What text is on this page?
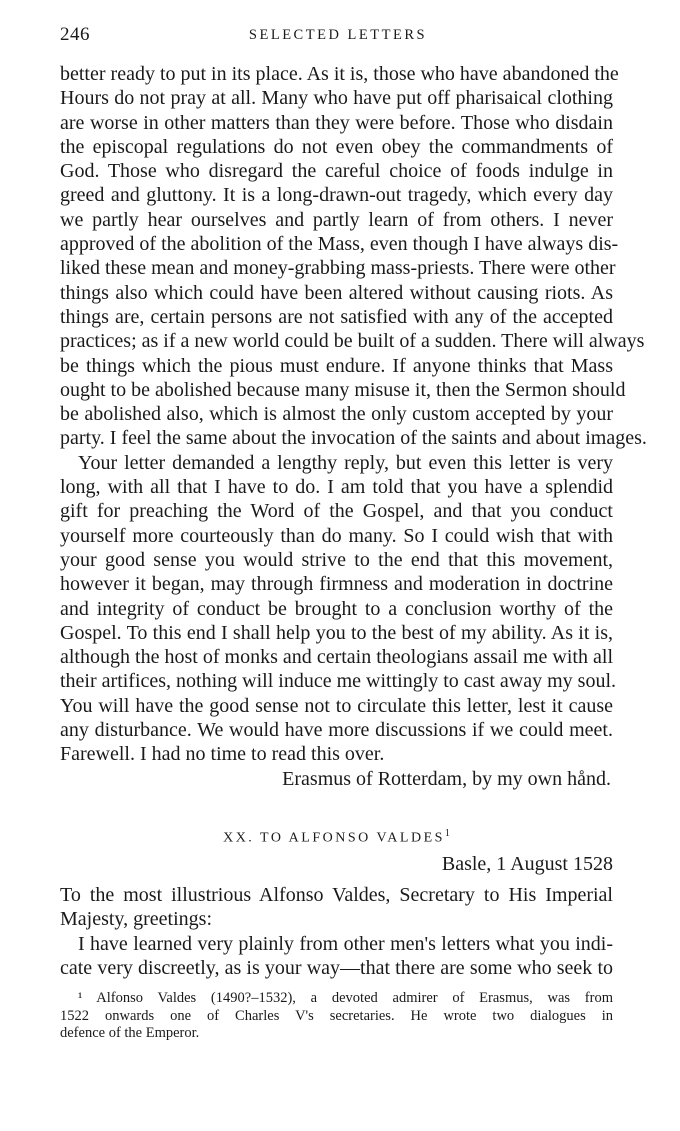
246	SELECTED LETTERS
better ready to put in its place. As it is, those who have abandoned the
Hours do not pray at all. Many who have put off pharisaical clothing
are worse in other matters than they were before. Those who disdain
the episcopal regulations do not even obey the commandments of
God. Those who disregard the careful choice of foods indulge in
greed and gluttony. It is a long-drawn-out tragedy, which every day
we partly hear ourselves and partly learn of from others. I never
approved of the abolition of the Mass, even though I have always dis-
liked these mean and money-grabbing mass-priests. There were other
things also which could have been altered without causing riots. As
things are, certain persons are not satisfied with any of the accepted
practices; as if a new world could be built of a sudden. There will always
be things which the pious must endure. If anyone thinks that Mass
ought to be abolished because many misuse it, then the Sermon should
be abolished also, which is almost the only custom accepted by your
party. I feel the same about the invocation of the saints and about images.
Your letter demanded a lengthy reply, but even this letter is very
long, with all that I have to do. I am told that you have a splendid
gift for preaching the Word of the Gospel, and that you conduct
yourself more courteously than do many. So I could wish that with
your good sense you would strive to the end that this movement,
however it began, may through firmness and moderation in doctrine
and integrity of conduct be brought to a conclusion worthy of the
Gospel. To this end I shall help you to the best of my ability. As it is,
although the host of monks and certain theologians assail me with all
their artifices, nothing will induce me wittingly to cast away my soul.
You will have the good sense not to circulate this letter, lest it cause
any disturbance. We would have more discussions if we could meet.
Farewell. I had no time to read this over.
Erasmus of Rotterdam, by my own hånd.
XX. TO ALFONSO VALDES$^1$
Basle, 1 August 1528
To the most illustrious Alfonso Valdes, Secretary to His Imperial
Majesty, greetings:
I have learned very plainly from other men's letters what you indi-
cate very discreetly, as is your way—that there are some who seek to
¹ Alfonso Valdes (1490?–1532), a devoted admirer of Erasmus, was from
1522 onwards one of Charles V's secretaries. He wrote two dialogues in
defence of the Emperor.
